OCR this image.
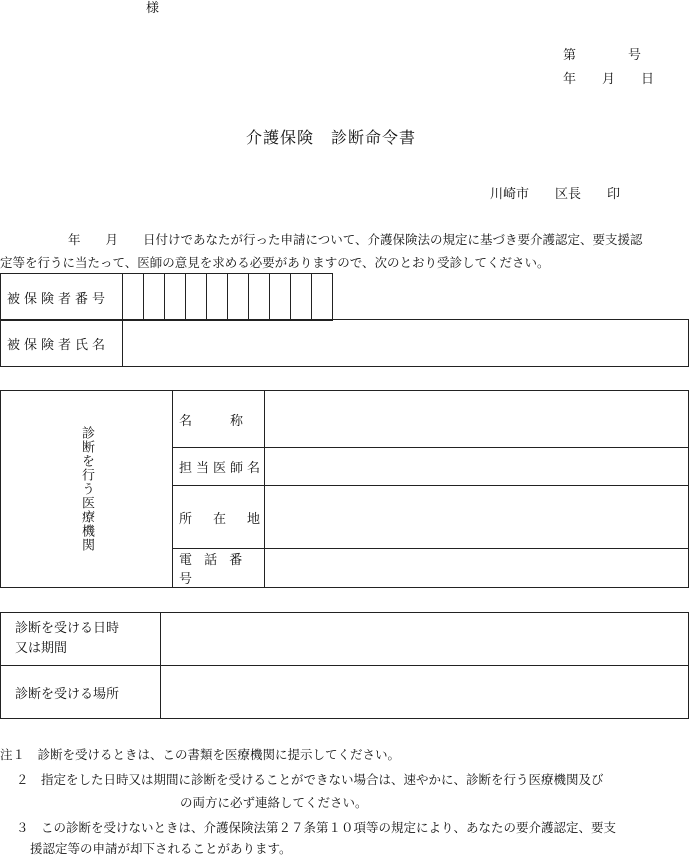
様
第　　　　号
年　　月　　日
介護保険　診断命令書
川崎市　　区長　　印
年　　月　　日付けであなたが行った申請について、介護保険法の規定に基づき要介護認定、要支援認
定等を行うに当たって、医師の意見を求める必要がありますので、次のとおり受診してください。
被保険者番号										
被保険者氏名	
診断を行う医療機関	名　　称	
	担当医師名	
	所　在　地	
	電 話 番 号	
診断を受ける日時
又は期間	

診断を受ける場所	
注１　診断を受けるときは、この書類を医療機関に提示してください。
２　指定をした日時又は期間に診断を受けることができない場合は、速やかに、診断を行う医療機関及び
の両方に必ず連絡してください。
３　この診断を受けないときは、介護保険法第２７条第１０項等の規定により、あなたの要介護認定、要支
援認定等の申請が却下されることがあります。
